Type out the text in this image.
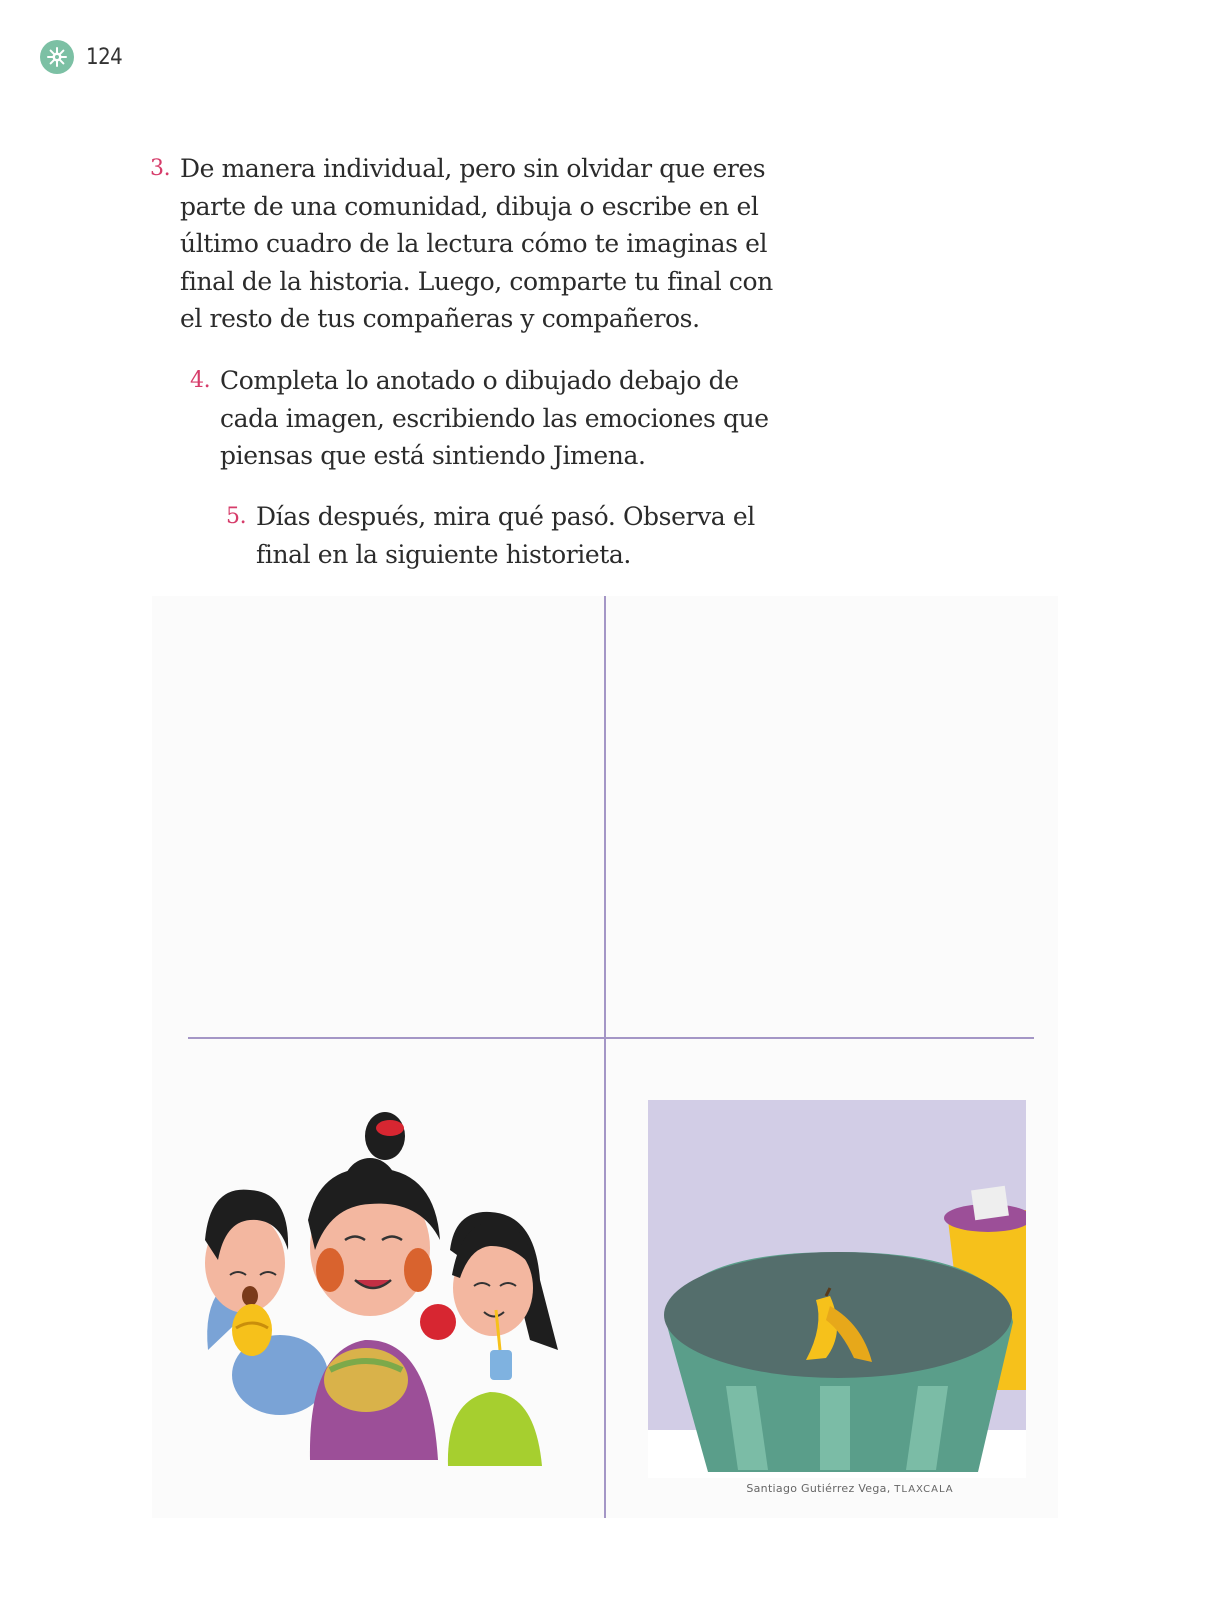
124
3. De manera individual, pero sin olvidar que eres parte de una comunidad, dibuja o escribe en el último cuadro de la lectura cómo te imaginas el final de la historia. Luego, comparte tu final con el resto de tus compañeras y compañeros.
4. Completa lo anotado o dibujado debajo de cada imagen, escribiendo las emociones que piensas que está sintiendo Jimena.
5. Días después, mira qué pasó. Observa el final en la siguiente historieta.
Santiago Gutiérrez Vega, TLAXCALA
